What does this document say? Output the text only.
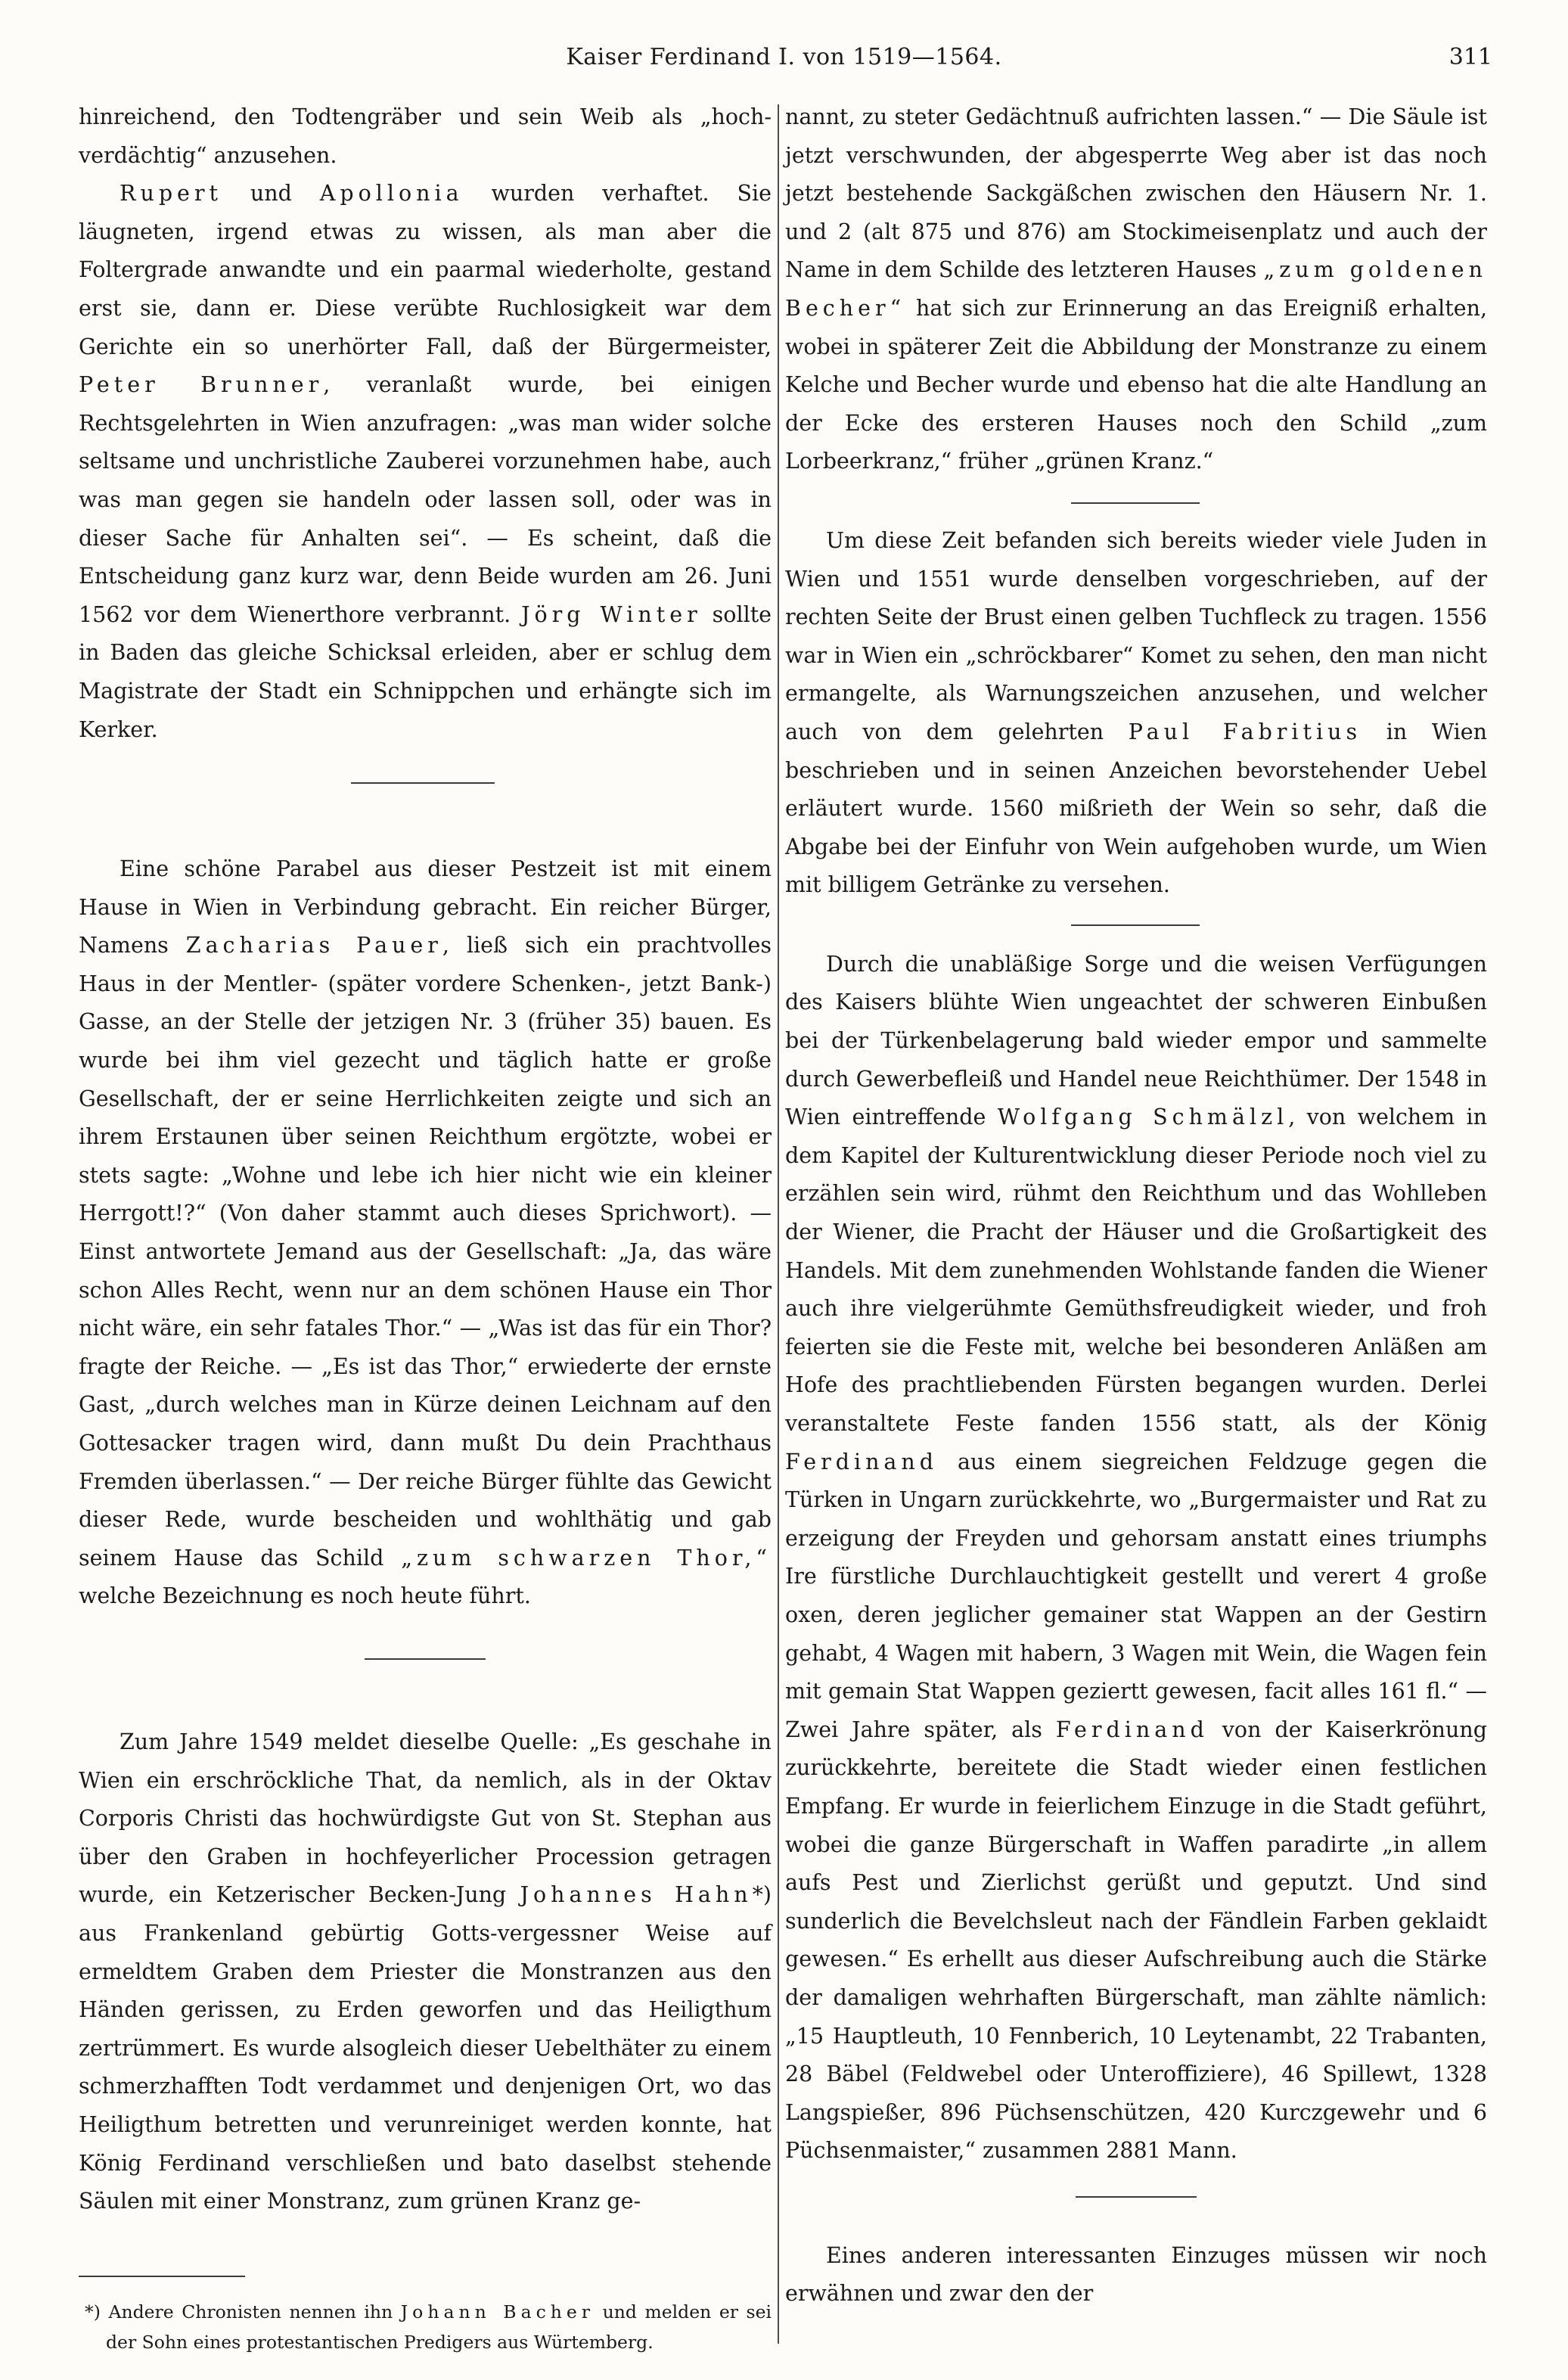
Kaiser Ferdinand I. von 1519—1564.	311

hinreichend, den Todtengräber und sein Weib als „hoch-verdächtig“ anzusehen.

Rupert und Apollonia wurden verhaftet. Sie läugneten, irgend etwas zu wissen, als man aber die Foltergrade anwandte und ein paarmal wiederholte, gestand erst sie, dann er. Diese verübte Ruchlosigkeit war dem Gerichte ein so unerhörter Fall, daß der Bürgermeister, Peter Brunner, veranlaßt wurde, bei einigen Rechtsgelehrten in Wien anzufragen: „was man wider solche seltsame und unchristliche Zauberei vorzunehmen habe, auch was man gegen sie handeln oder lassen soll, oder was in dieser Sache für Anhalten sei“. — Es scheint, daß die Entscheidung ganz kurz war, denn Beide wurden am 26. Juni 1562 vor dem Wienerthore verbrannt. Jörg Winter sollte in Baden das gleiche Schicksal erleiden, aber er schlug dem Magistrate der Stadt ein Schnippchen und erhängte sich im Kerker.

Eine schöne Parabel aus dieser Pestzeit ist mit einem Hause in Wien in Verbindung gebracht. Ein reicher Bürger, Namens Zacharias Pauer, ließ sich ein prachtvolles Haus in der Mentler- (später vordere Schenken-, jetzt Bank-) Gasse, an der Stelle der jetzigen Nr. 3 (früher 35) bauen. Es wurde bei ihm viel gezecht und täglich hatte er große Gesellschaft, der er seine Herrlichkeiten zeigte und sich an ihrem Erstaunen über seinen Reichthum ergötzte, wobei er stets sagte: „Wohne und lebe ich hier nicht wie ein kleiner Herrgott!?“ (Von daher stammt auch dieses Sprichwort). — Einst antwortete Jemand aus der Gesellschaft: „Ja, das wäre schon Alles Recht, wenn nur an dem schönen Hause ein Thor nicht wäre, ein sehr fatales Thor.“ — „Was ist das für ein Thor? fragte der Reiche. — „Es ist das Thor,“ erwiederte der ernste Gast, „durch welches man in Kürze deinen Leichnam auf den Gottesacker tragen wird, dann mußt Du dein Prachthaus Fremden überlassen.“ — Der reiche Bürger fühlte das Gewicht dieser Rede, wurde bescheiden und wohlthätig und gab seinem Hause das Schild „zum schwarzen Thor,“ welche Bezeichnung es noch heute führt.

Zum Jahre 1549 meldet dieselbe Quelle: „Es geschahe in Wien ein erschröckliche That, da nemlich, als in der Oktav Corporis Christi das hochwürdigste Gut von St. Stephan aus über den Graben in hochfeyerlicher Procession getragen wurde, ein Ketzerischer Becken-Jung Johannes Hahn*) aus Frankenland gebürtig Gotts-vergessner Weise auf ermeldtem Graben dem Priester die Monstranzen aus den Händen gerissen, zu Erden geworfen und das Heiligthum zertrümmert. Es wurde alsogleich dieser Uebelthäter zu einem schmerzhafften Todt verdammet und denjenigen Ort, wo das Heiligthum betretten und verunreiniget werden konnte, hat König Ferdinand verschließen und bato daselbst stehende Säulen mit einer Monstranz, zum grünen Kranz ge-

*) Andere Chronisten nennen ihn Johann Bacher und melden er sei der Sohn eines protestantischen Predigers aus Würtemberg.

nannt, zu steter Gedächtnuß aufrichten lassen.“ — Die Säule ist jetzt verschwunden, der abgesperrte Weg aber ist das noch jetzt bestehende Sackgäßchen zwischen den Häusern Nr. 1. und 2 (alt 875 und 876) am Stockimeisenplatz und auch der Name in dem Schilde des letzteren Hauses „zum goldenen Becher“ hat sich zur Erinnerung an das Ereigniß erhalten, wobei in späterer Zeit die Abbildung der Monstranze zu einem Kelche und Becher wurde und ebenso hat die alte Handlung an der Ecke des ersteren Hauses noch den Schild „zum Lorbeerkranz,“ früher „grünen Kranz.“

Um diese Zeit befanden sich bereits wieder viele Juden in Wien und 1551 wurde denselben vorgeschrieben, auf der rechten Seite der Brust einen gelben Tuchfleck zu tragen. 1556 war in Wien ein „schröckbarer“ Komet zu sehen, den man nicht ermangelte, als Warnungszeichen anzusehen, und welcher auch von dem gelehrten Paul Fabritius in Wien beschrieben und in seinen Anzeichen bevorstehender Uebel erläutert wurde. 1560 mißrieth der Wein so sehr, daß die Abgabe bei der Einfuhr von Wein aufgehoben wurde, um Wien mit billigem Getränke zu versehen.

Durch die unabläßige Sorge und die weisen Verfügungen des Kaisers blühte Wien ungeachtet der schweren Einbußen bei der Türkenbelagerung bald wieder empor und sammelte durch Gewerbefleiß und Handel neue Reichthümer. Der 1548 in Wien eintreffende Wolfgang Schmälzl, von welchem in dem Kapitel der Kulturentwicklung dieser Periode noch viel zu erzählen sein wird, rühmt den Reichthum und das Wohlleben der Wiener, die Pracht der Häuser und die Großartigkeit des Handels. Mit dem zunehmenden Wohlstande fanden die Wiener auch ihre vielgerühmte Gemüthsfreudigkeit wieder, und froh feierten sie die Feste mit, welche bei besonderen Anläßen am Hofe des prachtliebenden Fürsten begangen wurden. Derlei veranstaltete Feste fanden 1556 statt, als der König Ferdinand aus einem siegreichen Feldzuge gegen die Türken in Ungarn zurückkehrte, wo „Burgermaister und Rat zu erzeigung der Freyden und gehorsam anstatt eines triumphs Ire fürstliche Durchlauchtigkeit gestellt und verert 4 große oxen, deren jeglicher gemainer stat Wappen an der Gestirn gehabt, 4 Wagen mit habern, 3 Wagen mit Wein, die Wagen fein mit gemain Stat Wappen geziertt gewesen, facit alles 161 fl.“ — Zwei Jahre später, als Ferdinand von der Kaiserkrönung zurückkehrte, bereitete die Stadt wieder einen festlichen Empfang. Er wurde in feierlichem Einzuge in die Stadt geführt, wobei die ganze Bürgerschaft in Waffen paradirte „in allem aufs Pest und Zierlichst gerüßt und geputzt. Und sind sunderlich die Bevelchsleut nach der Fändlein Farben geklaidt gewesen.“ Es erhellt aus dieser Aufschreibung auch die Stärke der damaligen wehrhaften Bürgerschaft, man zählte nämlich: „15 Hauptleuth, 10 Fennberich, 10 Leytenambt, 22 Trabanten, 28 Bäbel (Feldwebel oder Unteroffiziere), 46 Spillewt, 1328 Langspießer, 896 Püchsenschützen, 420 Kurczgewehr und 6 Püchsenmaister,“ zusammen 2881 Mann.

Eines anderen interessanten Einzuges müssen wir noch erwähnen und zwar den der
